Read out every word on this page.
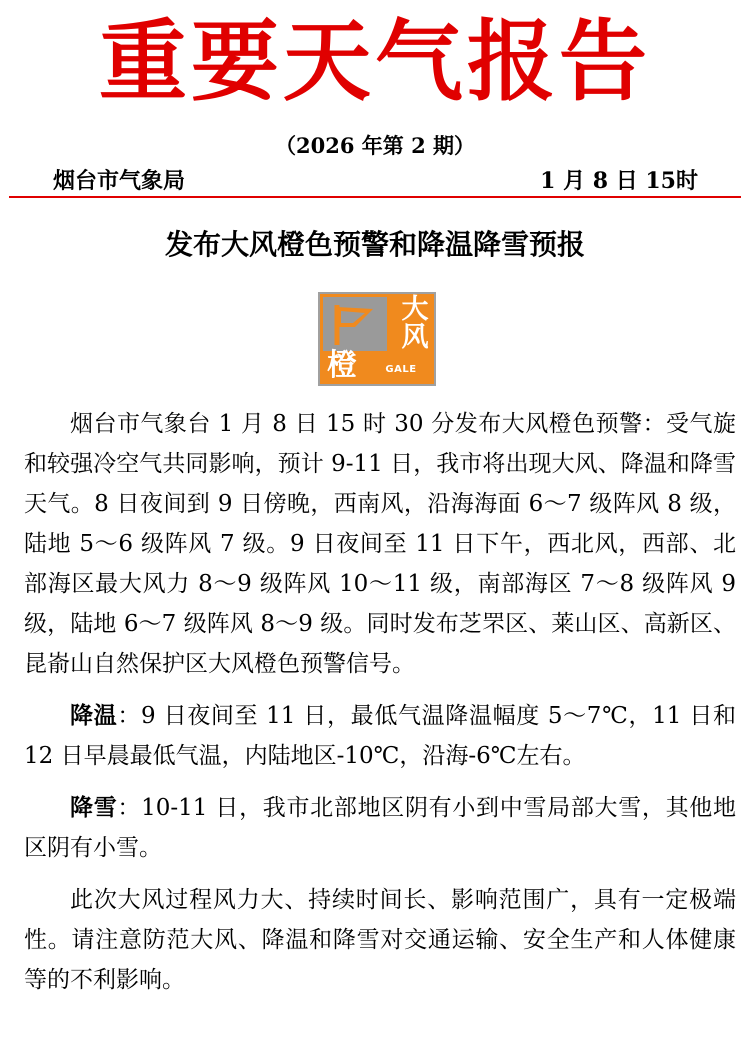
重要天气报告
（2026 年第 2 期）
烟台市气象局	1 月 8 日 15时
发布大风橙色预警和降温降雪预报
大
风
橙	GALE

烟台市气象台 1 月 8 日 15 时 30 分发布大风橙色预警：受气旋和较强冷空气共同影响，预计 9-11 日，我市将出现大风、降温和降雪天气。8 日夜间到 9 日傍晚，西南风，沿海海面 6～7 级阵风 8 级，陆地 5～6 级阵风 7 级。9 日夜间至 11 日下午，西北风，西部、北部海区最大风力 8～9 级阵风 10～11 级，南部海区 7～8 级阵风 9 级，陆地 6～7 级阵风 8～9 级。同时发布芝罘区、莱山区、高新区、昆嵛山自然保护区大风橙色预警信号。

降温：9 日夜间至 11 日，最低气温降温幅度 5～7℃，11 日和 12 日早晨最低气温，内陆地区-10℃，沿海-6℃左右。

降雪：10-11 日，我市北部地区阴有小到中雪局部大雪，其他地区阴有小雪。

此次大风过程风力大、持续时间长、影响范围广，具有一定极端性。请注意防范大风、降温和降雪对交通运输、安全生产和人体健康等的不利影响。
